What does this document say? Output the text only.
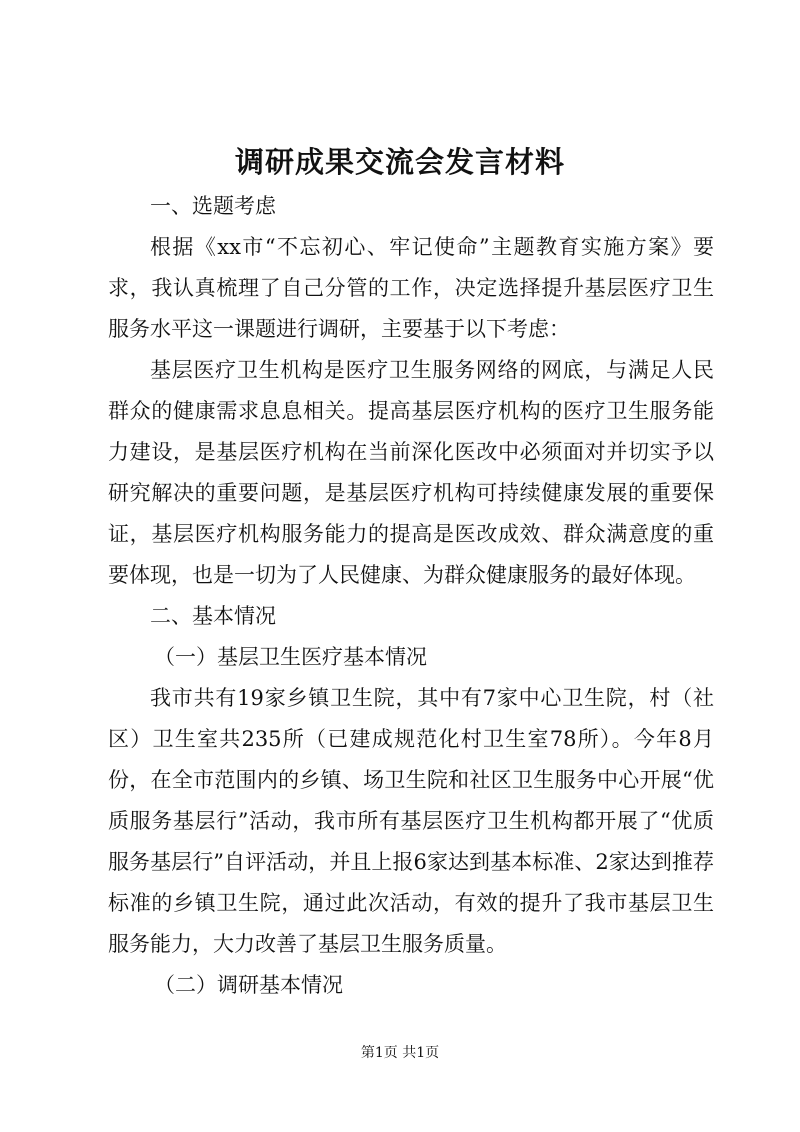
调研成果交流会发言材料

一、选题考虑

根据《xx市“不忘初心、牢记使命”主题教育实施方案》要求，我认真梳理了自己分管的工作，决定选择提升基层医疗卫生服务水平这一课题进行调研，主要基于以下考虑：

基层医疗卫生机构是医疗卫生服务网络的网底，与满足人民群众的健康需求息息相关。提高基层医疗机构的医疗卫生服务能力建设，是基层医疗机构在当前深化医改中必须面对并切实予以研究解决的重要问题，是基层医疗机构可持续健康发展的重要保证，基层医疗机构服务能力的提高是医改成效、群众满意度的重要体现，也是一切为了人民健康、为群众健康服务的最好体现。

二、基本情况

（一）基层卫生医疗基本情况

我市共有19家乡镇卫生院，其中有7家中心卫生院，村（社区）卫生室共235所（已建成规范化村卫生室78所）。今年8月份，在全市范围内的乡镇、场卫生院和社区卫生服务中心开展“优质服务基层行”活动，我市所有基层医疗卫生机构都开展了“优质服务基层行”自评活动，并且上报6家达到基本标准、2家达到推荐标准的乡镇卫生院，通过此次活动，有效的提升了我市基层卫生服务能力，大力改善了基层卫生服务质量。

（二）调研基本情况

第1页 共1页
